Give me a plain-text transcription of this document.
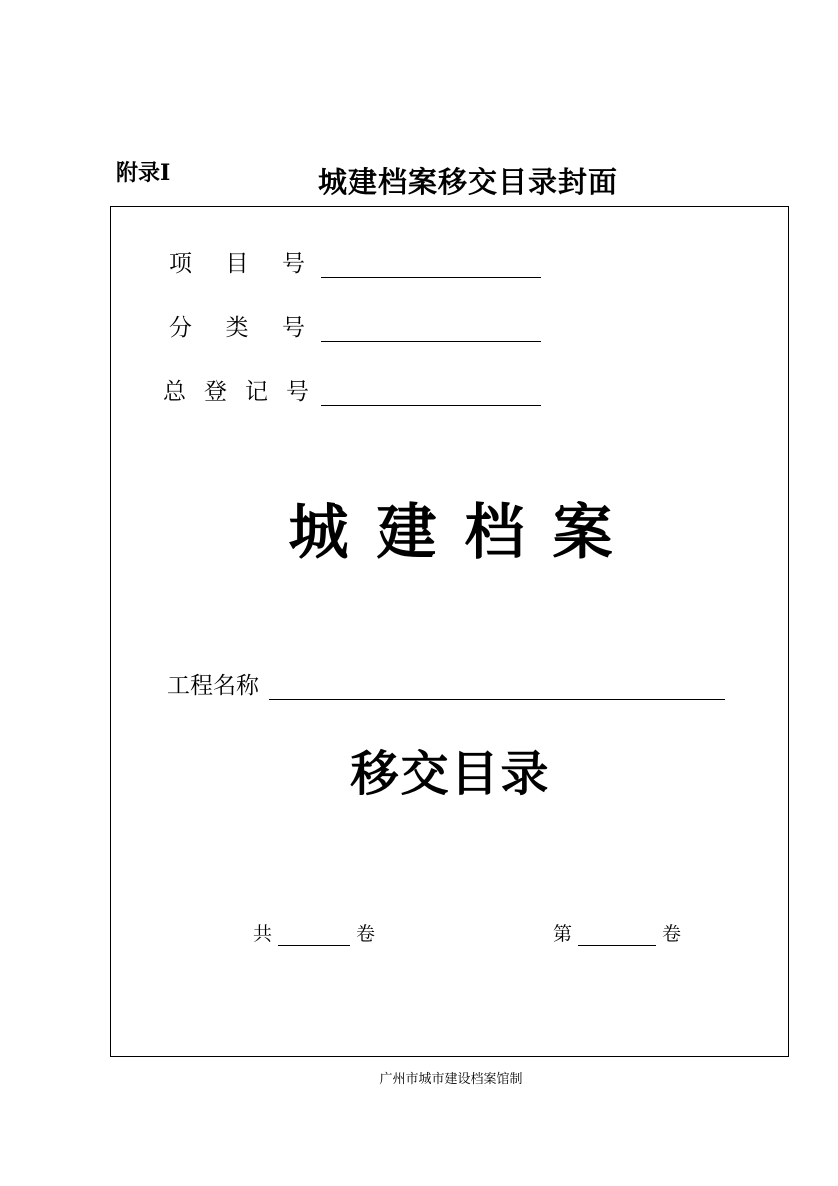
附录I	城建档案移交目录封面
项 目 号
分 类 号
总 登 记 号
城建档案
工程名称
移交目录
共	卷	第	卷
广州市城市建设档案馆制
